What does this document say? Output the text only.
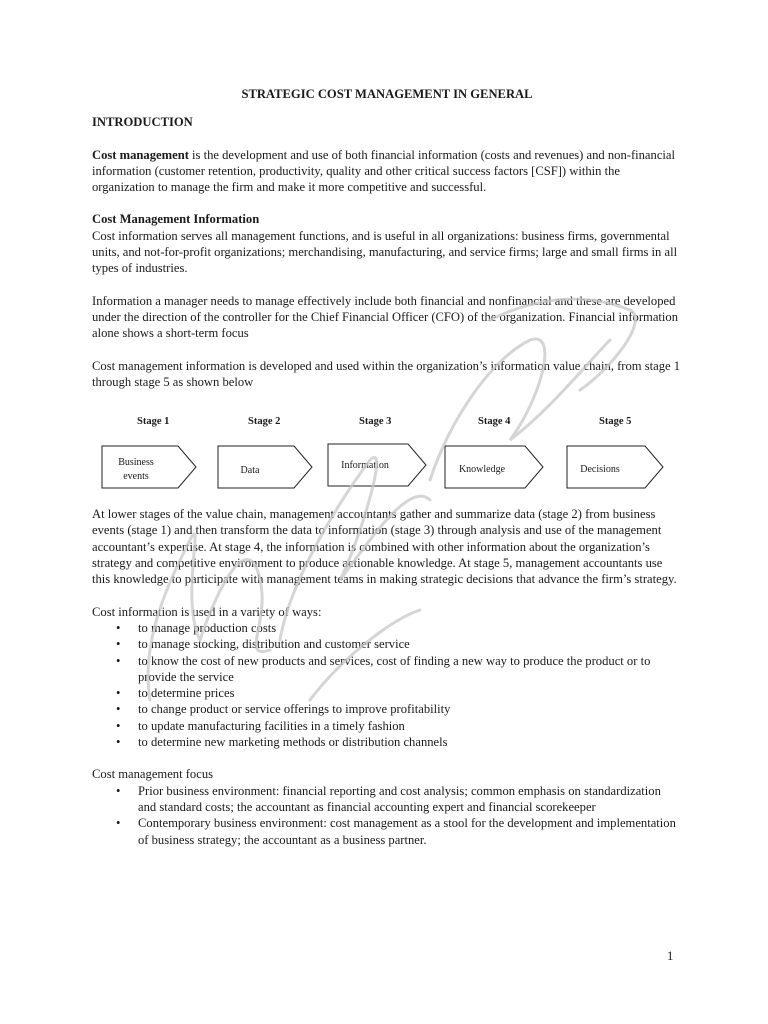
STRATEGIC COST MANAGEMENT IN GENERAL

INTRODUCTION

Cost management is the development and use of both financial information (costs and revenues) and non-financial information (customer retention, productivity, quality and other critical success factors [CSF]) within the organization to manage the firm and make it more competitive and successful.

Cost Management Information

Cost information serves all management functions, and is useful in all organizations: business firms, governmental units, and not-for-profit organizations; merchandising, manufacturing, and service firms; large and small firms in all types of industries.

Information a manager needs to manage effectively include both financial and nonfinancial and these are developed under the direction of the controller for the Chief Financial Officer (CFO) of the organization. Financial information alone shows a short-term focus

Cost management information is developed and used within the organization’s information value chain, from stage 1 through stage 5 as shown below

At lower stages of the value chain, management accountants gather and summarize data (stage 2) from business events (stage 1) and then transform the data to information (stage 3) through analysis and use of the management accountant’s expertise. At stage 4, the information is combined with other information about the organization’s strategy and competitive environment to produce actionable knowledge. At stage 5, management accountants use this knowledge to participate with management teams in making strategic decisions that advance the firm’s strategy.

Cost information is used in a variety of ways:

• to manage production costs
• to manage stocking, distribution and customer service
• to know the cost of new products and services, cost of finding a new way to produce the product or to provide the service
• to determine prices
• to change product or service offerings to improve profitability
• to update manufacturing facilities in a timely fashion
• to determine new marketing methods or distribution channels

Cost management focus

• Prior business environment: financial reporting and cost analysis; common emphasis on standardization and standard costs; the accountant as financial accounting expert and financial scorekeeper
• Contemporary business environment: cost management as a stool for the development and implementation of business strategy; the accountant as a business partner.
Stage 1	Stage 2	Stage 3	Stage 4	Stage 5
Business
events
Data	Information	Knowledge	Decisions
1
